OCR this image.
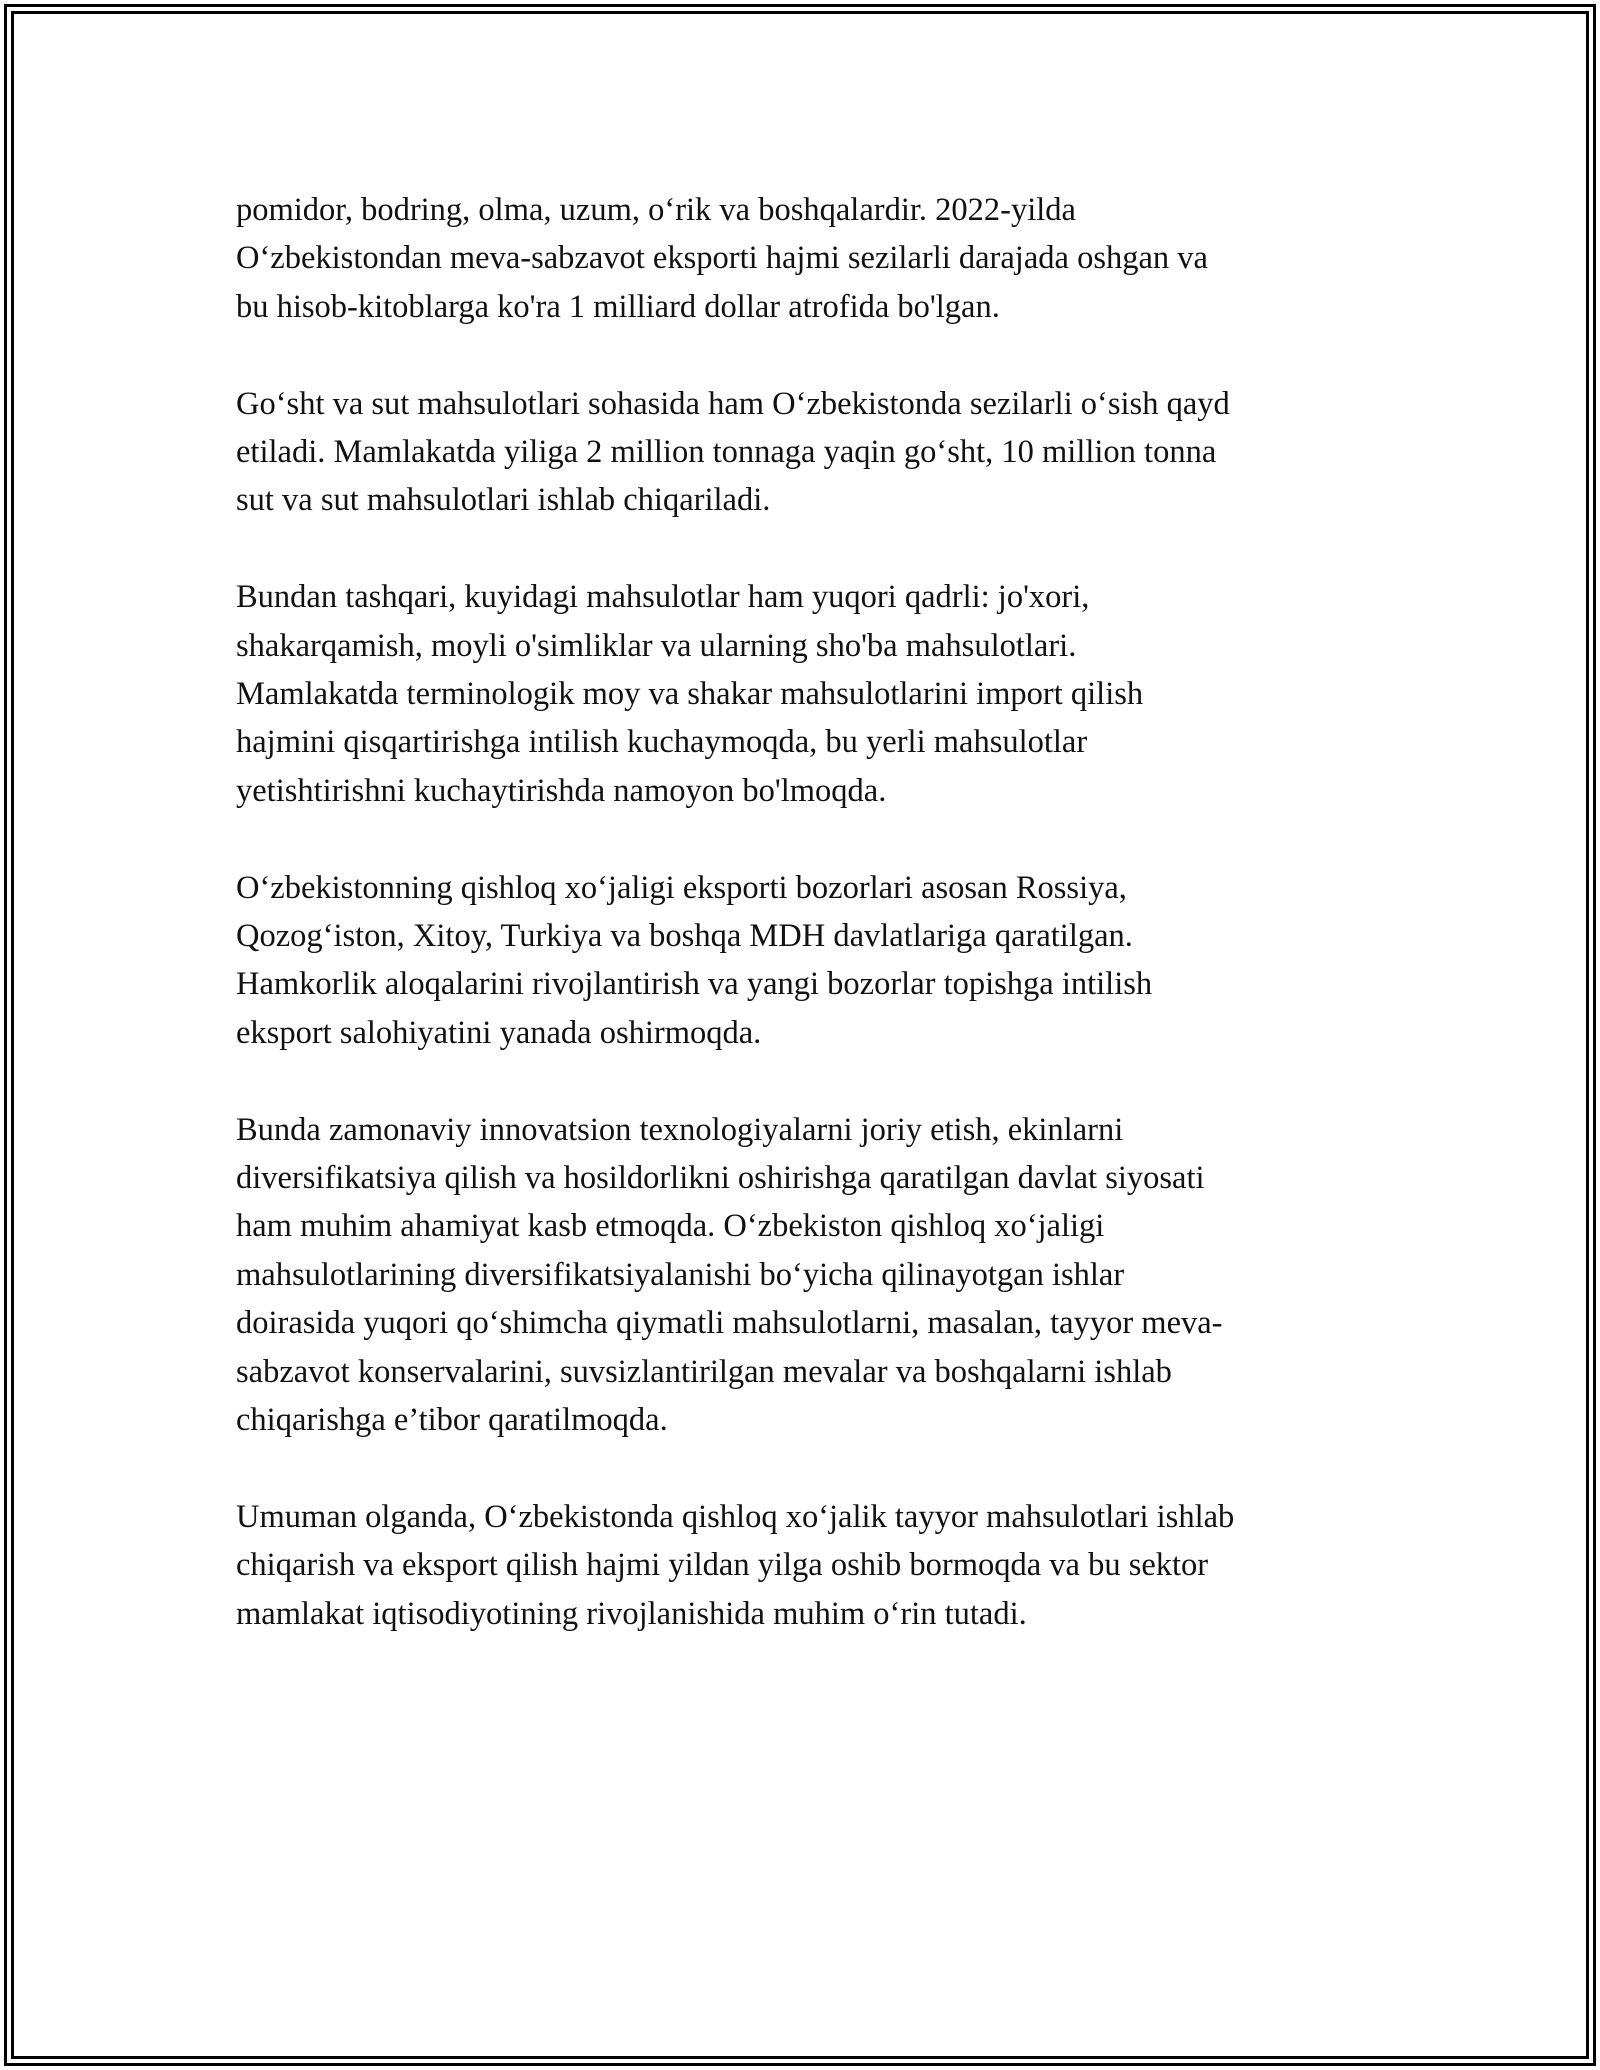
pomidor, bodring, olma, uzum, o‘rik va boshqalardir. 2022-yilda
O‘zbekistondan meva-sabzavot eksporti hajmi sezilarli darajada oshgan va
bu hisob-kitoblarga ko'ra 1 milliard dollar atrofida bo'lgan.

Go‘sht va sut mahsulotlari sohasida ham O‘zbekistonda sezilarli o‘sish qayd
etiladi. Mamlakatda yiliga 2 million tonnaga yaqin go‘sht, 10 million tonna
sut va sut mahsulotlari ishlab chiqariladi.

Bundan tashqari, kuyidagi mahsulotlar ham yuqori qadrli: jo'xori,
shakarqamish, moyli o'simliklar va ularning sho'ba mahsulotlari.
Mamlakatda terminologik moy va shakar mahsulotlarini import qilish
hajmini qisqartirishga intilish kuchaymoqda, bu yerli mahsulotlar
yetishtirishni kuchaytirishda namoyon bo'lmoqda.

O‘zbekistonning qishloq xo‘jaligi eksporti bozorlari asosan Rossiya,
Qozog‘iston, Xitoy, Turkiya va boshqa MDH davlatlariga qaratilgan.
Hamkorlik aloqalarini rivojlantirish va yangi bozorlar topishga intilish
eksport salohiyatini yanada oshirmoqda.

Bunda zamonaviy innovatsion texnologiyalarni joriy etish, ekinlarni
diversifikatsiya qilish va hosildorlikni oshirishga qaratilgan davlat siyosati
ham muhim ahamiyat kasb etmoqda. O‘zbekiston qishloq xo‘jaligi
mahsulotlarining diversifikatsiyalanishi bo‘yicha qilinayotgan ishlar
doirasida yuqori qo‘shimcha qiymatli mahsulotlarni, masalan, tayyor meva-
sabzavot konservalarini, suvsizlantirilgan mevalar va boshqalarni ishlab
chiqarishga e’tibor qaratilmoqda.

Umuman olganda, O‘zbekistonda qishloq xo‘jalik tayyor mahsulotlari ishlab
chiqarish va eksport qilish hajmi yildan yilga oshib bormoqda va bu sektor
mamlakat iqtisodiyotining rivojlanishida muhim o‘rin tutadi.
